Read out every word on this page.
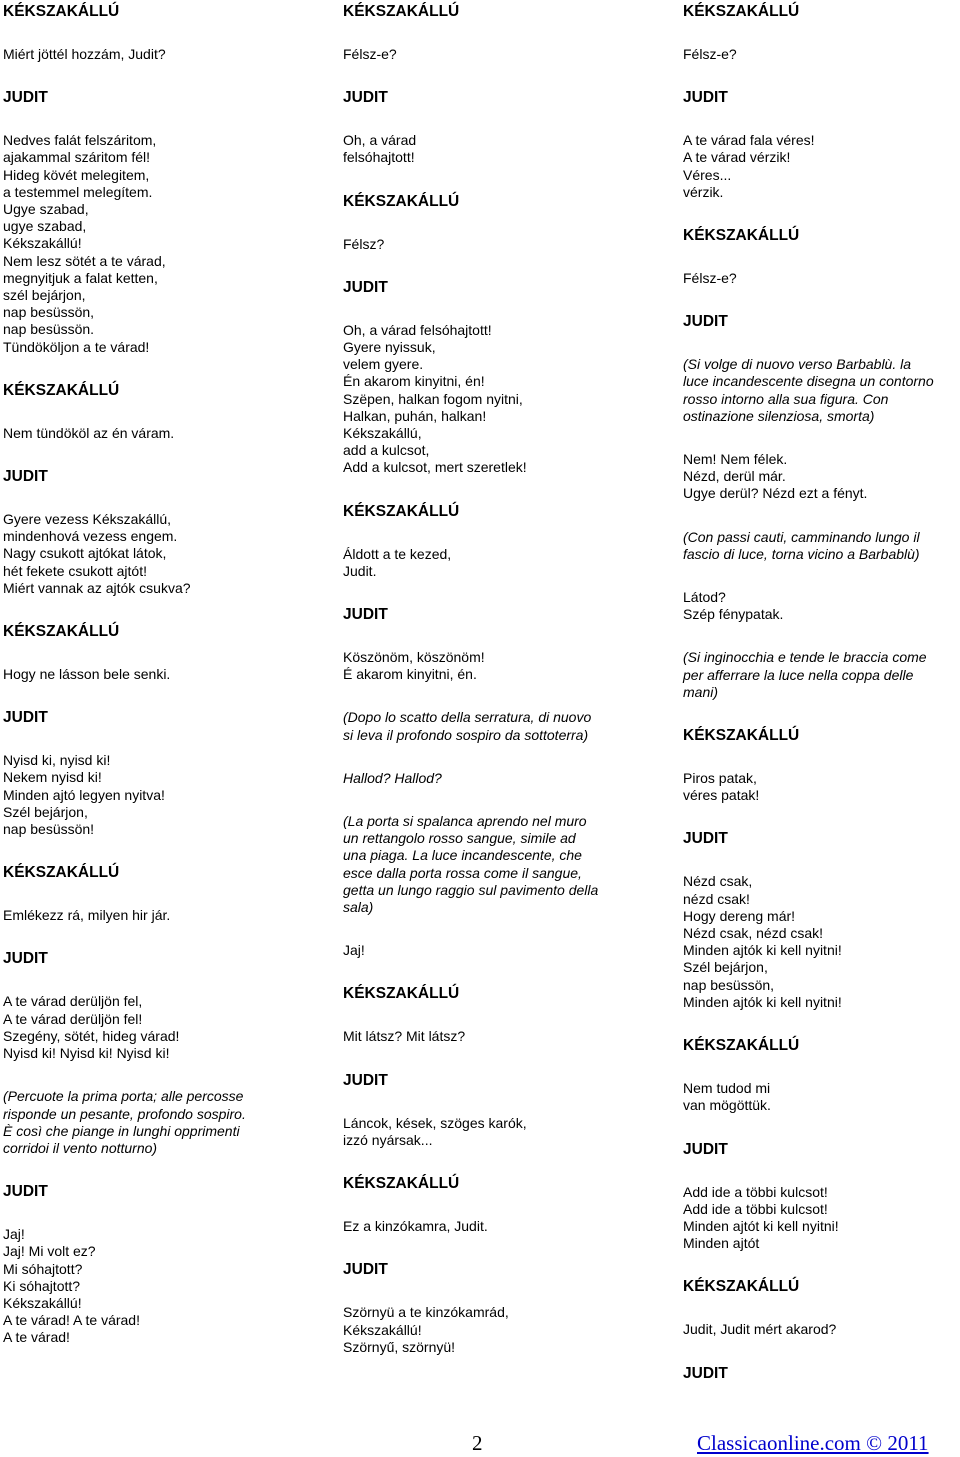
KÉKSZAKÁLLÚ
Miért jöttél hozzám, Judit?
JUDIT
Nedves falát felszáritom,
ajakammal száritom fél!
Hideg kövét melegitem,
a testemmel melegítem.
Ugye szabad,
ugye szabad,
Kékszakállú!
Nem lesz sötét a te várad,
megnyitjuk a falat ketten,
szél bejárjon,
nap besüssön,
nap besüssön.
Tündököljon a te várad!
KÉKSZAKÁLLÚ
Nem tündököl az én váram.
JUDIT
Gyere vezess Kékszakállú,
mindenhová vezess engem.
Nagy csukott ajtókat látok,
hét fekete csukott ajtót!
Miért vannak az ajtók csukva?
KÉKSZAKÁLLÚ
Hogy ne lásson bele senki.
JUDIT
Nyisd ki, nyisd ki!
Nekem nyisd ki!
Minden ajtó legyen nyitva!
Szél bejárjon,
nap besüssön!
KÉKSZAKÁLLÚ
Emlékezz rá, milyen hir jár.
JUDIT
A te várad derüljön fel,
A te várad derüljön fel!
Szegény, sötét, hideg várad!
Nyisd ki! Nyisd ki! Nyisd ki!
(Percuote la prima porta; alle percosse
risponde un pesante, profondo sospiro.
È così che piange in lunghi opprimenti
corridoi il vento notturno)
JUDIT
Jaj!
Jaj! Mi volt ez?
Mi sóhajtott?
Ki sóhajtott?
Kékszakállú!
A te várad! A te várad!
A te várad!
KÉKSZAKÁLLÚ
Félsz-e?
JUDIT
Oh, a várad
felsóhajtott!
KÉKSZAKÁLLÚ
Félsz?
JUDIT
Oh, a várad felsóhajtott!
Gyere nyissuk,
velem gyere.
Én akarom kinyitni, én!
Szëpen, halkan fogom nyitni,
Halkan, puhán, halkan!
Kékszakállú,
add a kulcsot,
Add a kulcsot, mert szeretlek!
KÉKSZAKÁLLÚ
Áldott a te kezed,
Judit.
JUDIT
Köszönöm, köszönöm!
É akarom kinyitni, én.
(Dopo lo scatto della serratura, di nuovo
si leva il profondo sospiro da sottoterra)
Hallod? Hallod?
(La porta si spalanca aprendo nel muro
un rettangolo rosso sangue, simile ad
una piaga. La luce incandescente, che
esce dalla porta rossa come il sangue,
getta un lungo raggio sul pavimento della
sala)
Jaj!
KÉKSZAKÁLLÚ
Mit látsz? Mit látsz?
JUDIT
Láncok, kések, szöges karók,
izzó nyársak...
KÉKSZAKÁLLÚ
Ez a kinzókamra, Judit.
JUDIT
Szörnyü a te kinzókamrád,
Kékszakállú!
Szörnyű, szörnyü!
KÉKSZAKÁLLÚ
Félsz-e?
JUDIT
A te várad fala véres!
A te várad vérzik!
Véres...
vérzik.
KÉKSZAKÁLLÚ
Félsz-e?
JUDIT
(Si volge di nuovo verso Barbablù. la
luce incandescente disegna un contorno
rosso intorno alla sua figura. Con
ostinazione silenziosa, smorta)
Nem! Nem félek.
Nézd, derül már.
Ugye derül? Nézd ezt a fényt.
(Con passi cauti, camminando lungo il
fascio di luce, torna vicino a Barbablù)
Látod?
Szép fénypatak.
(Si inginocchia e tende le braccia come
per afferrare la luce nella coppa delle
mani)
KÉKSZAKÁLLÚ
Piros patak,
véres patak!
JUDIT
Nézd csak,
nézd csak!
Hogy dereng már!
Nézd csak, nézd csak!
Minden ajtók ki kell nyitni!
Szél bejárjon,
nap besüssön,
Minden ajtók ki kell nyitni!
KÉKSZAKÁLLÚ
Nem tudod mi
van mögöttük.
JUDIT
Add ide a többi kulcsot!
Add ide a többi kulcsot!
Minden ajtót ki kell nyitni!
Minden ajtót
KÉKSZAKÁLLÚ
Judit, Judit mért akarod?
JUDIT
2	Classicaonline.com © 2011
